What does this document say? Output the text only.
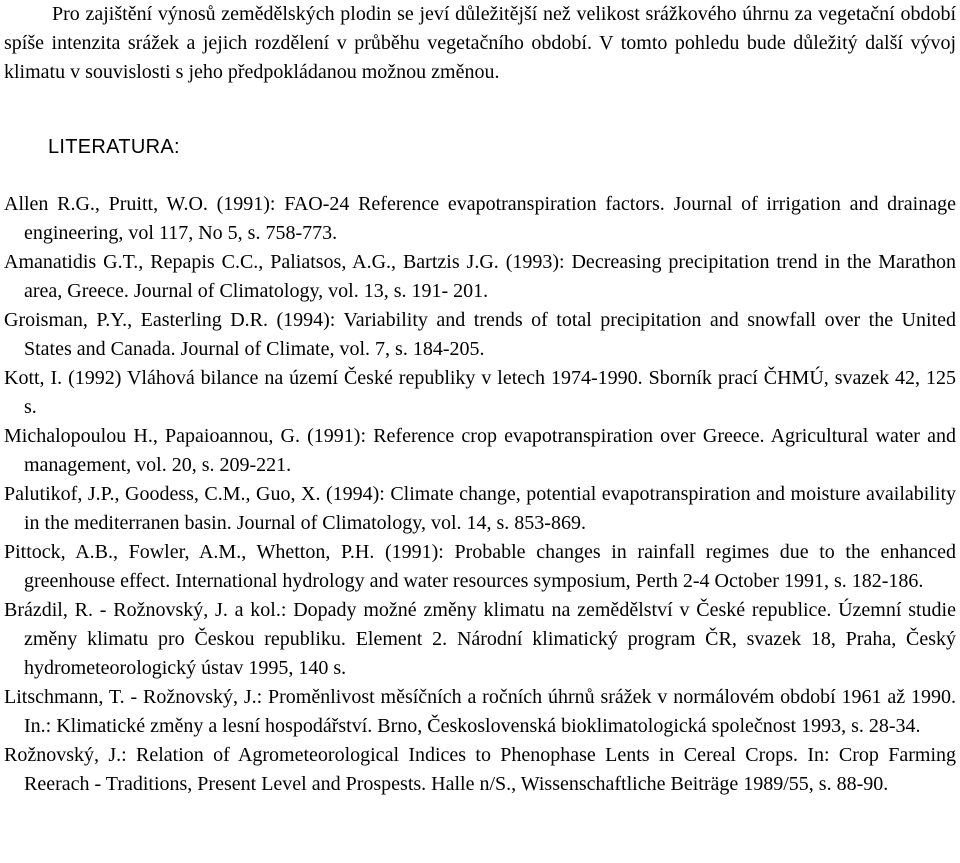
Pro zajištění výnosů zemědělských plodin se jeví důležitější než velikost srážkového úhrnu za vegetační období spíše intenzita srážek a jejich rozdělení v průběhu vegetačního období. V tomto pohledu bude důležitý další vývoj klimatu v souvislosti s jeho předpokládanou možnou změnou.

LITERATURA:
Allen R.G., Pruitt, W.O. (1991): FAO-24 Reference evapotranspiration factors. Journal of irrigation and drainage engineering, vol 117, No 5, s. 758-773.
Amanatidis G.T., Repapis C.C., Paliatsos, A.G., Bartzis J.G. (1993): Decreasing precipitation trend in the Marathon area, Greece. Journal of Climatology, vol. 13, s. 191- 201.
Groisman, P.Y., Easterling D.R. (1994): Variability and trends of total precipitation and snowfall over the United States and Canada. Journal of Climate, vol. 7, s. 184-205.
Kott, I. (1992) Vláhová bilance na území České republiky v letech 1974-1990. Sborník prací ČHMÚ, svazek 42, 125 s.
Michalopoulou H., Papaioannou, G. (1991): Reference crop evapotranspiration over Greece. Agricultural water and management, vol. 20, s. 209-221.
Palutikof, J.P., Goodess, C.M., Guo, X. (1994): Climate change, potential evapotranspiration and moisture availability in the mediterranen basin. Journal of Climatology, vol. 14, s. 853-869.
Pittock, A.B., Fowler, A.M., Whetton, P.H. (1991): Probable changes in rainfall regimes due to the enhanced greenhouse effect. International hydrology and water resources symposium, Perth 2-4 October 1991, s. 182-186.
Brázdil, R. - Rožnovský, J. a kol.: Dopady možné změny klimatu na zemědělství v České republice. Územní studie změny klimatu pro Českou republiku. Element 2. Národní klimatický program ČR, svazek 18, Praha, Český hydrometeorologický ústav 1995, 140 s.
Litschmann, T. - Rožnovský, J.: Proměnlivost měsíčních a ročních úhrnů srážek v normálovém období 1961 až 1990. In.: Klimatické změny a lesní hospodářství. Brno, Československá bioklimatologická společnost 1993, s. 28-34.
Rožnovský, J.: Relation of Agrometeorological Indices to Phenophase Lents in Cereal Crops. In: Crop Farming Reerach - Traditions, Present Level and Prospests. Halle n/S., Wissenschaftliche Beiträge 1989/55, s. 88-90.
